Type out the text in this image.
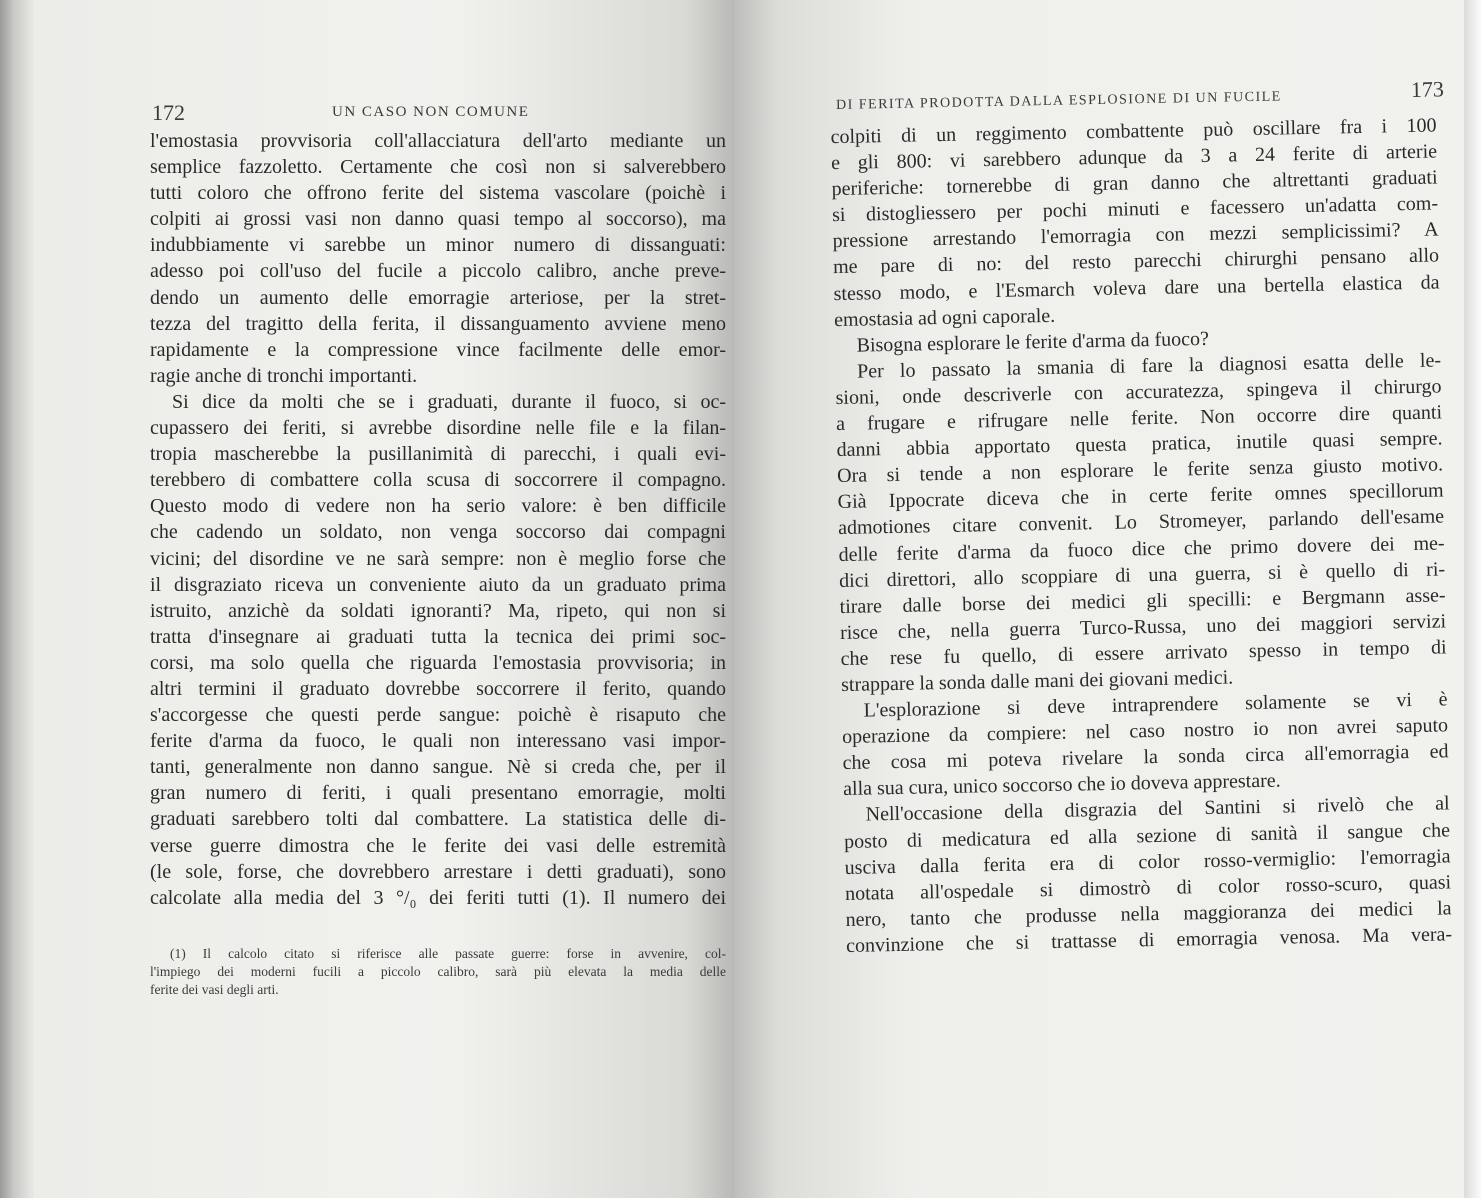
172	UN CASO NON COMUNE
l'emostasia provvisoria coll'allacciatura dell'arto mediante un
semplice fazzoletto. Certamente che così non si salverebbero
tutti coloro che offrono ferite del sistema vascolare (poichè i
colpiti ai grossi vasi non danno quasi tempo al soccorso), ma
indubbiamente vi sarebbe un minor numero di dissanguati:
adesso poi coll'uso del fucile a piccolo calibro, anche preve-
dendo un aumento delle emorragie arteriose, per la stret-
tezza del tragitto della ferita, il dissanguamento avviene meno
rapidamente e la compressione vince facilmente delle emor-
ragie anche di tronchi importanti.
Si dice da molti che se i graduati, durante il fuoco, si oc-
cupassero dei feriti, si avrebbe disordine nelle file e la filan-
tropia mascherebbe la pusillanimità di parecchi, i quali evi-
terebbero di combattere colla scusa di soccorrere il compagno.
Questo modo di vedere non ha serio valore: è ben difficile
che cadendo un soldato, non venga soccorso dai compagni
vicini; del disordine ve ne sarà sempre: non è meglio forse che
il disgraziato riceva un conveniente aiuto da un graduato prima
istruito, anzichè da soldati ignoranti? Ma, ripeto, qui non si
tratta d'insegnare ai graduati tutta la tecnica dei primi soc-
corsi, ma solo quella che riguarda l'emostasia provvisoria; in
altri termini il graduato dovrebbe soccorrere il ferito, quando
s'accorgesse che questi perde sangue: poichè è risaputo che
ferite d'arma da fuoco, le quali non interessano vasi impor-
tanti, generalmente non danno sangue. Nè si creda che, per il
gran numero di feriti, i quali presentano emorragie, molti
graduati sarebbero tolti dal combattere. La statistica delle di-
verse guerre dimostra che le ferite dei vasi delle estremità
(le sole, forse, che dovrebbero arrestare i detti graduati), sono
calcolate alla media del 3 °/₀ dei feriti tutti (1). Il numero dei
(1) Il calcolo citato si riferisce alle passate guerre: forse in avvenire, col-
l'impiego dei moderni fucili a piccolo calibro, sarà più elevata la media delle
ferite dei vasi degli arti.
DI FERITA PRODOTTA DALLA ESPLOSIONE DI UN FUCILE	173
colpiti di un reggimento combattente può oscillare fra i 100
e gli 800: vi sarebbero adunque da 3 a 24 ferite di arterie
periferiche: tornerebbe di gran danno che altrettanti graduati
si distogliessero per pochi minuti e facessero un'adatta com-
pressione arrestando l'emorragia con mezzi semplicissimi? A
me pare di no: del resto parecchi chirurghi pensano allo
stesso modo, e l'Esmarch voleva dare una bertella elastica da
emostasia ad ogni caporale.
Bisogna esplorare le ferite d'arma da fuoco?
Per lo passato la smania di fare la diagnosi esatta delle le-
sioni, onde descriverle con accuratezza, spingeva il chirurgo
a frugare e rifrugare nelle ferite. Non occorre dire quanti
danni abbia apportato questa pratica, inutile quasi sempre.
Ora si tende a non esplorare le ferite senza giusto motivo.
Già Ippocrate diceva che in certe ferite omnes specillorum
admotiones citare convenit. Lo Stromeyer, parlando dell'esame
delle ferite d'arma da fuoco dice che primo dovere dei me-
dici direttori, allo scoppiare di una guerra, si è quello di ri-
tirare dalle borse dei medici gli specilli: e Bergmann asse-
risce che, nella guerra Turco-Russa, uno dei maggiori servizi
che rese fu quello, di essere arrivato spesso in tempo di
strappare la sonda dalle mani dei giovani medici.
L'esplorazione si deve intraprendere solamente se vi è
operazione da compiere: nel caso nostro io non avrei saputo
che cosa mi poteva rivelare la sonda circa all'emorragia ed
alla sua cura, unico soccorso che io doveva apprestare.
Nell'occasione della disgrazia del Santini si rivelò che al
posto di medicatura ed alla sezione di sanità il sangue che
usciva dalla ferita era di color rosso-vermiglio: l'emorragia
notata all'ospedale si dimostrò di color rosso-scuro, quasi
nero, tanto che produsse nella maggioranza dei medici la
convinzione che si trattasse di emorragia venosa. Ma vera-
